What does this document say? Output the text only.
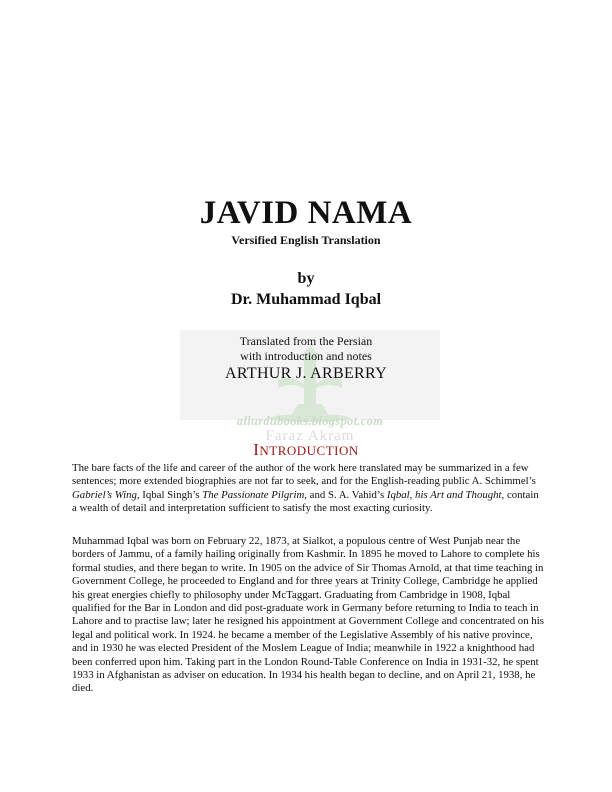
allurdubooks.blogspot.com
Faraz Akram
JAVID NAMA
Versified English Translation
by
Dr. Muhammad Iqbal
Translated from the Persian
with introduction and notes
ARTHUR J. ARBERRY
INTRODUCTION

The bare facts of the life and career of the author of the work here translated may be summarized in a few sentences; more extended biographies are not far to seek, and for the English-reading public A. Schimmel’s Gabriel’s Wing, Iqbal Singh’s The Passionate Pilgrim, and S. A. Vahid’s Iqbal, his Art and Thought, contain a wealth of detail and interpretation sufficient to satisfy the most exacting curiosity.

Muhammad Iqbal was born on February 22, 1873, at Sialkot, a populous centre of West Punjab near the borders of Jammu, of a family hailing originally from Kashmir. In 1895 he moved to Lahore to complete his formal studies, and there began to write. In 1905 on the advice of Sir Thomas Arnold, at that time teaching in Government College, he proceeded to England and for three years at Trinity College, Cambridge he applied his great energies chiefly to philosophy under McTaggart. Graduating from Cambridge in 1908, Iqbal qualified for the Bar in London and did post-graduate work in Germany before returning to India to teach in Lahore and to practise law; later he resigned his appointment at Government College and concentrated on his legal and political work. In 1924. he became a member of the Legislative Assembly of his native province, and in 1930 he was elected President of the Moslem League of India; meanwhile in 1922 a knighthood had been conferred upon him. Taking part in the London Round-Table Conference on India in 1931-32, he spent 1933 in Afghanistan as adviser on education. In 1934 his health began to decline, and on April 21, 1938, he died.
